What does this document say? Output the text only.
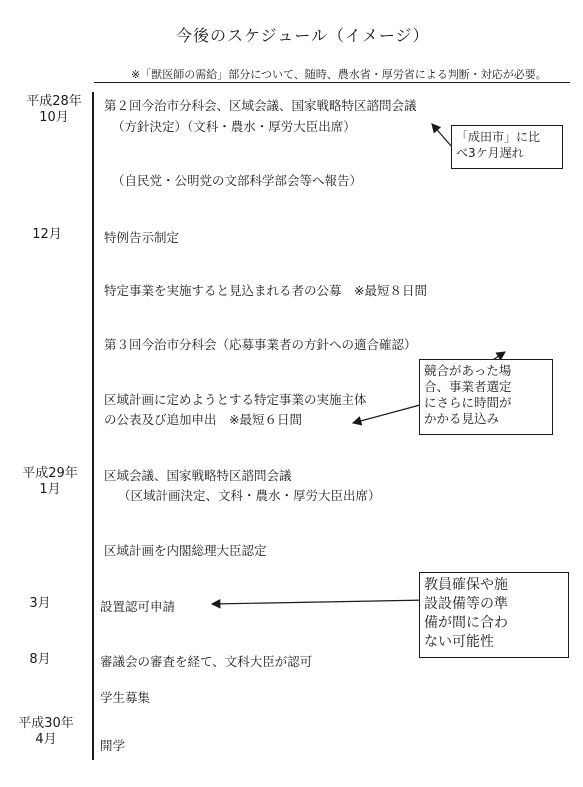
今後のスケジュール（イメージ）
※「獣医師の需給」部分について、随時、農水省・厚労省による判断・対応が必要。
平成28年
10月
12月
平成29年
1月
3月
8月
平成30年
4月
第２回今治市分科会、区域会議、国家戦略特区諮問会議
（方針決定）（文科・農水・厚労大臣出席）
（自民党・公明党の文部科学部会等へ報告）
特例告示制定
特定事業を実施すると見込まれる者の公募　※最短８日間
第３回今治市分科会（応募事業者の方針への適合確認）
区域計画に定めようとする特定事業の実施主体
の公表及び追加申出　※最短６日間
区域会議、国家戦略特区諮問会議
（区域計画決定、文科・農水・厚労大臣出席）
区域計画を内閣総理大臣認定
設置認可申請
審議会の審査を経て、文科大臣が認可
学生募集
開学
「成田市」に比
べ3ケ月遅れ
競合があった場
合、事業者選定
にさらに時間が
かかる見込み
教員確保や施
設設備等の準
備が間に合わ
ない可能性
